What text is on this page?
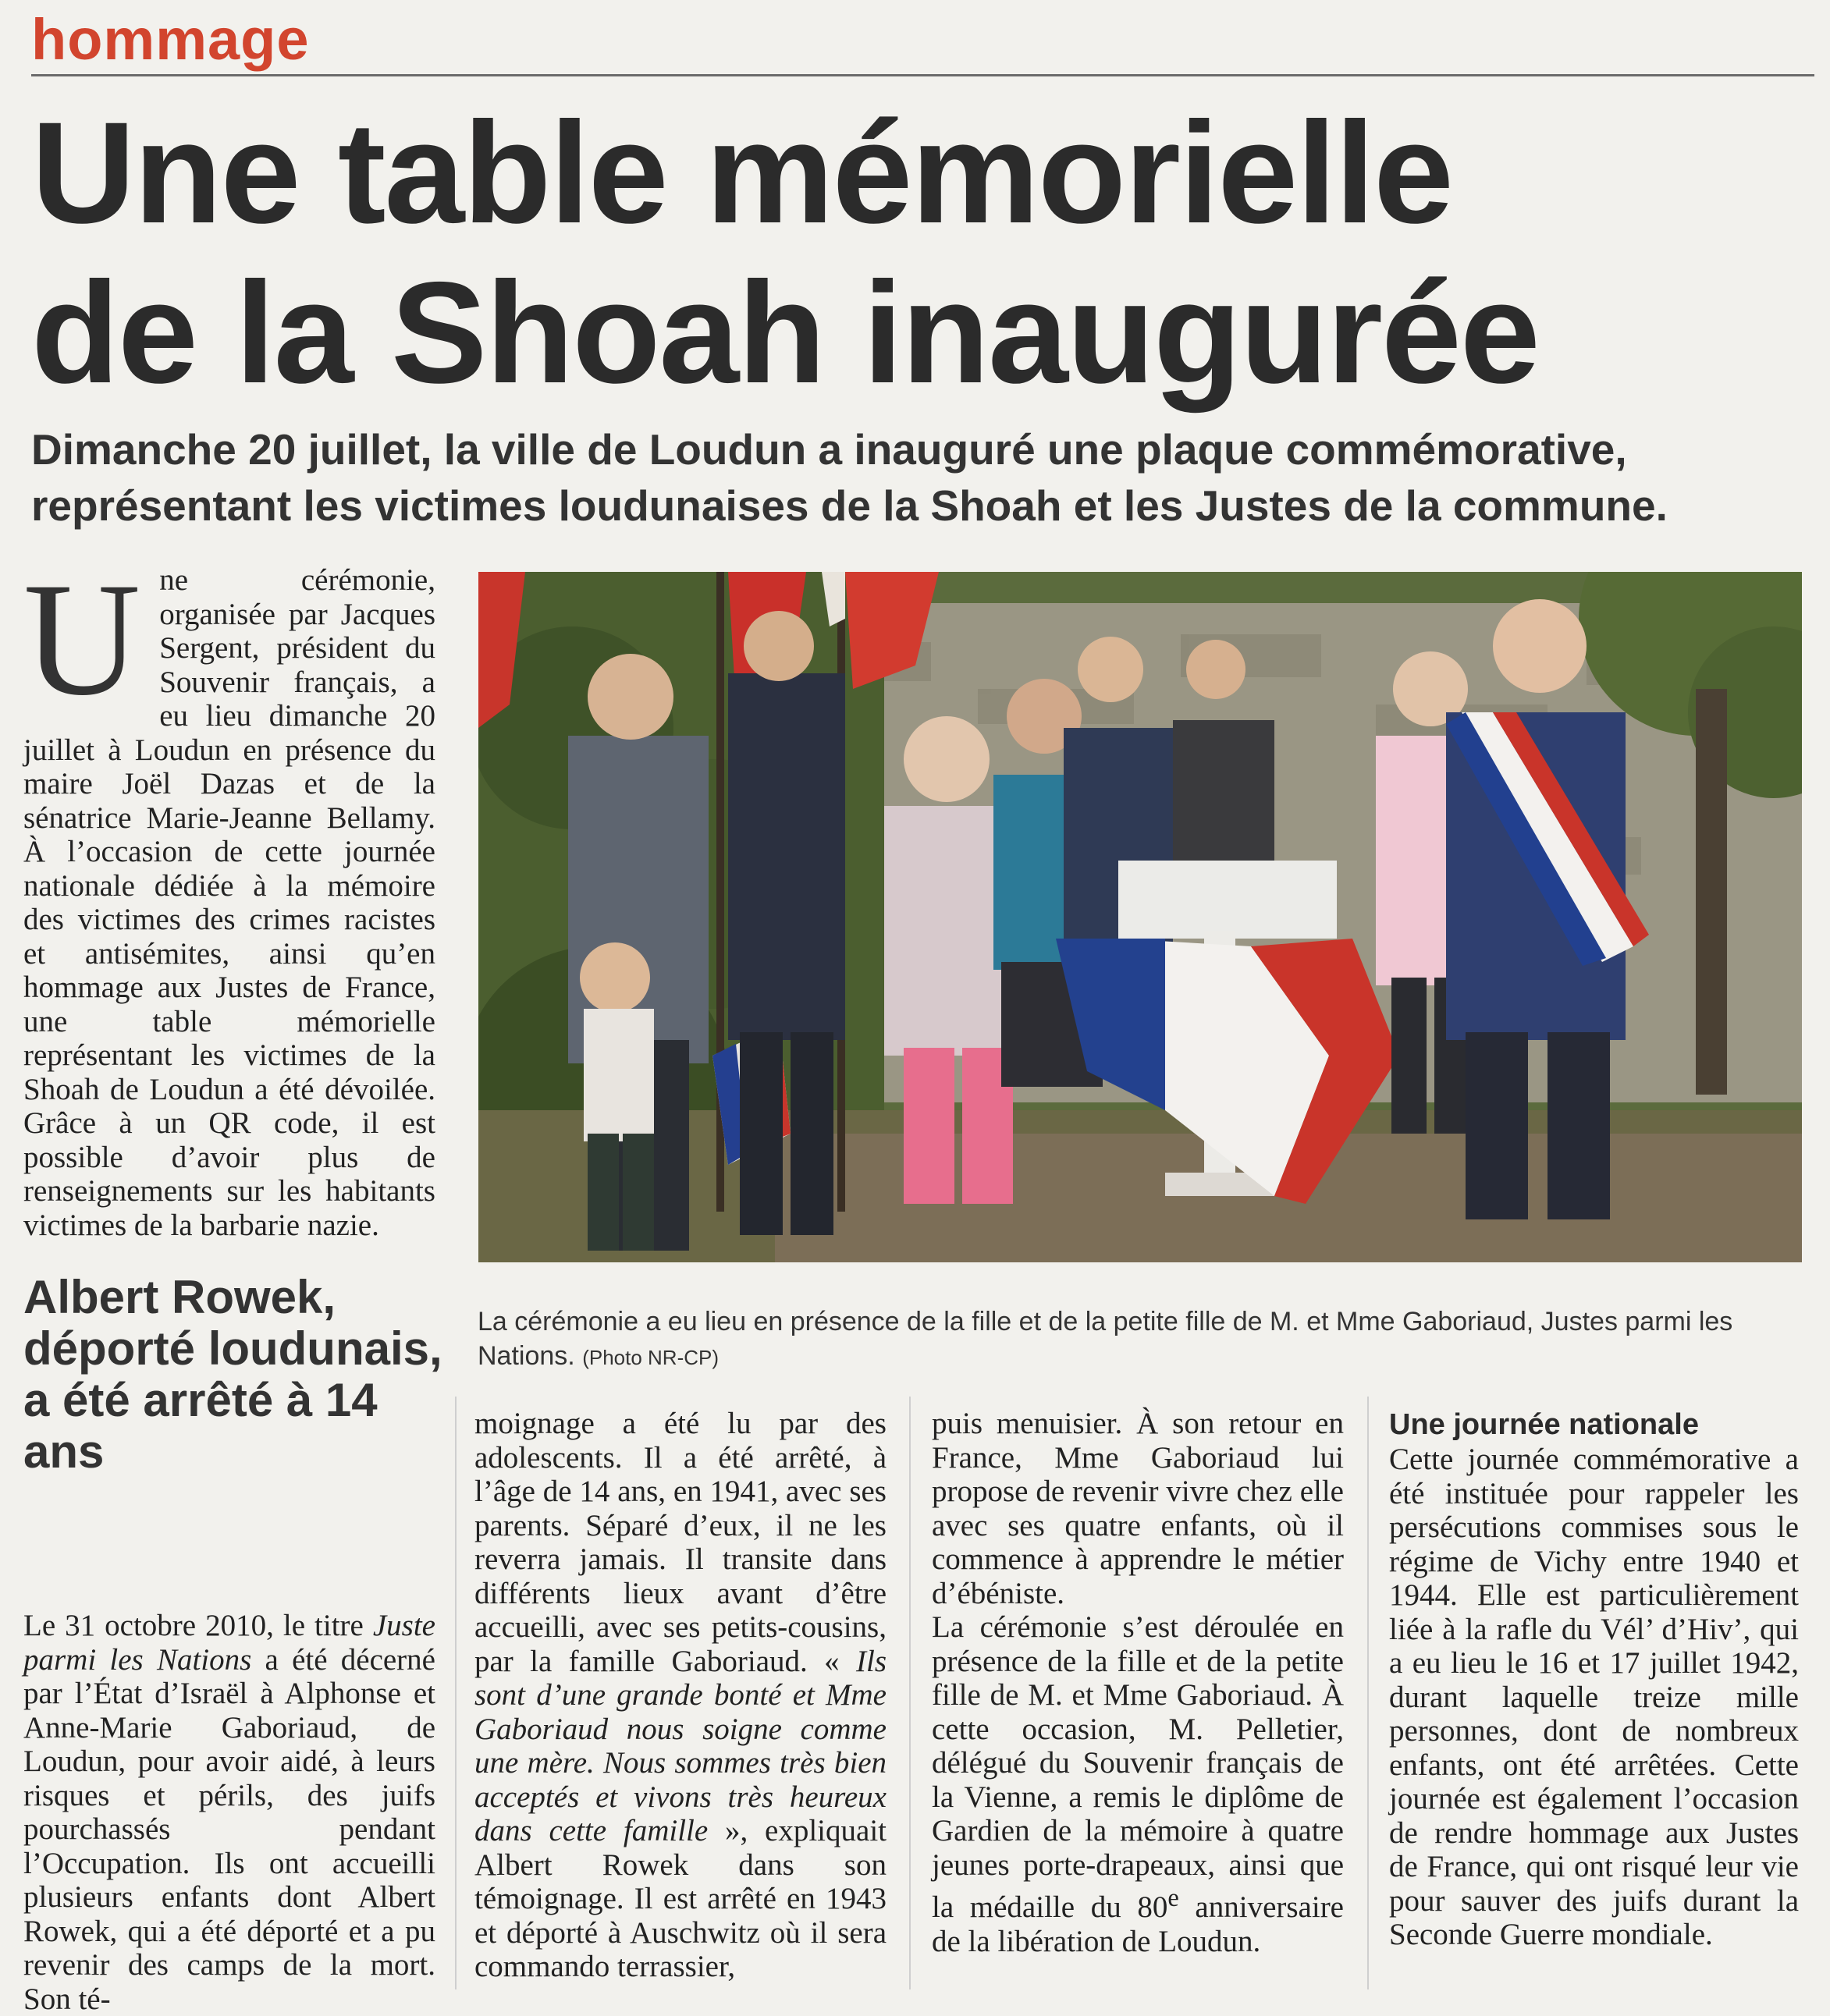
hommage
Une table mémorielle
de la Shoah inaugurée
Dimanche 20 juillet, la ville de Loudun a inauguré une plaque commémorative, représentant les victimes loudunaises de la Shoah et les Justes de la commune.

Une cérémonie, organisée par Jacques Sergent, président du Souvenir français, a eu lieu dimanche 20 juillet à Loudun en présence du maire Joël Dazas et de la sénatrice Marie-Jeanne Bellamy. À l’occasion de cette journée nationale dédiée à la mémoire des victimes des crimes racistes et antisémites, ainsi qu’en hommage aux Justes de France, une table mémorielle représentant les victimes de la Shoah de Loudun a été dévoilée. Grâce à un QR code, il est possible d’avoir plus de renseignements sur les habitants victimes de la barbarie nazie.

Albert Rowek, déporté loudunais, a été arrêté à 14 ans

Le 31 octobre 2010, le titre Juste parmi les Nations a été décerné par l’État d’Israël à Alphonse et Anne-Marie Gaboriaud, de Loudun, pour avoir aidé, à leurs risques et périls, des juifs pourchassés pendant l’Occupation. Ils ont accueilli plusieurs enfants dont Albert Rowek, qui a été déporté et a pu revenir des camps de la mort. Son té-

moignage a été lu par des adolescents. Il a été arrêté, à l’âge de 14 ans, en 1941, avec ses parents. Séparé d’eux, il ne les reverra jamais. Il transite dans différents lieux avant d’être accueilli, avec ses petits-cousins, par la famille Gaboriaud. « Ils sont d’une grande bonté et Mme Gaboriaud nous soigne comme une mère. Nous sommes très bien acceptés et vivons très heureux dans cette famille », expliquait Albert Rowek dans son témoignage. Il est arrêté en 1943 et déporté à Auschwitz où il sera commando terrassier,

puis menuisier. À son retour en France, Mme Gaboriaud lui propose de revenir vivre chez elle avec ses quatre enfants, où il commence à apprendre le métier d’ébéniste.

La cérémonie s’est déroulée en présence de la fille et de la petite fille de M. et Mme Gaboriaud. À cette occasion, M. Pelletier, délégué du Souvenir français de la Vienne, a remis le diplôme de Gardien de la mémoire à quatre jeunes porte-drapeaux, ainsi que la médaille du 80e anniversaire de la libération de Loudun.

Une journée nationale

Cette journée commémorative a été instituée pour rappeler les persécutions commises sous le régime de Vichy entre 1940 et 1944. Elle est particulièrement liée à la rafle du Vél’ d’Hiv’, qui a eu lieu le 16 et 17 juillet 1942, durant laquelle treize mille personnes, dont de nombreux enfants, ont été arrêtées. Cette journée est également l’occasion de rendre hommage aux Justes de France, qui ont risqué leur vie pour sauver des juifs durant la Seconde Guerre mondiale.

La cérémonie a eu lieu en présence de la fille et de la petite fille de M. et Mme Gaboriaud, Justes parmi les Nations. (Photo NR-CP)
